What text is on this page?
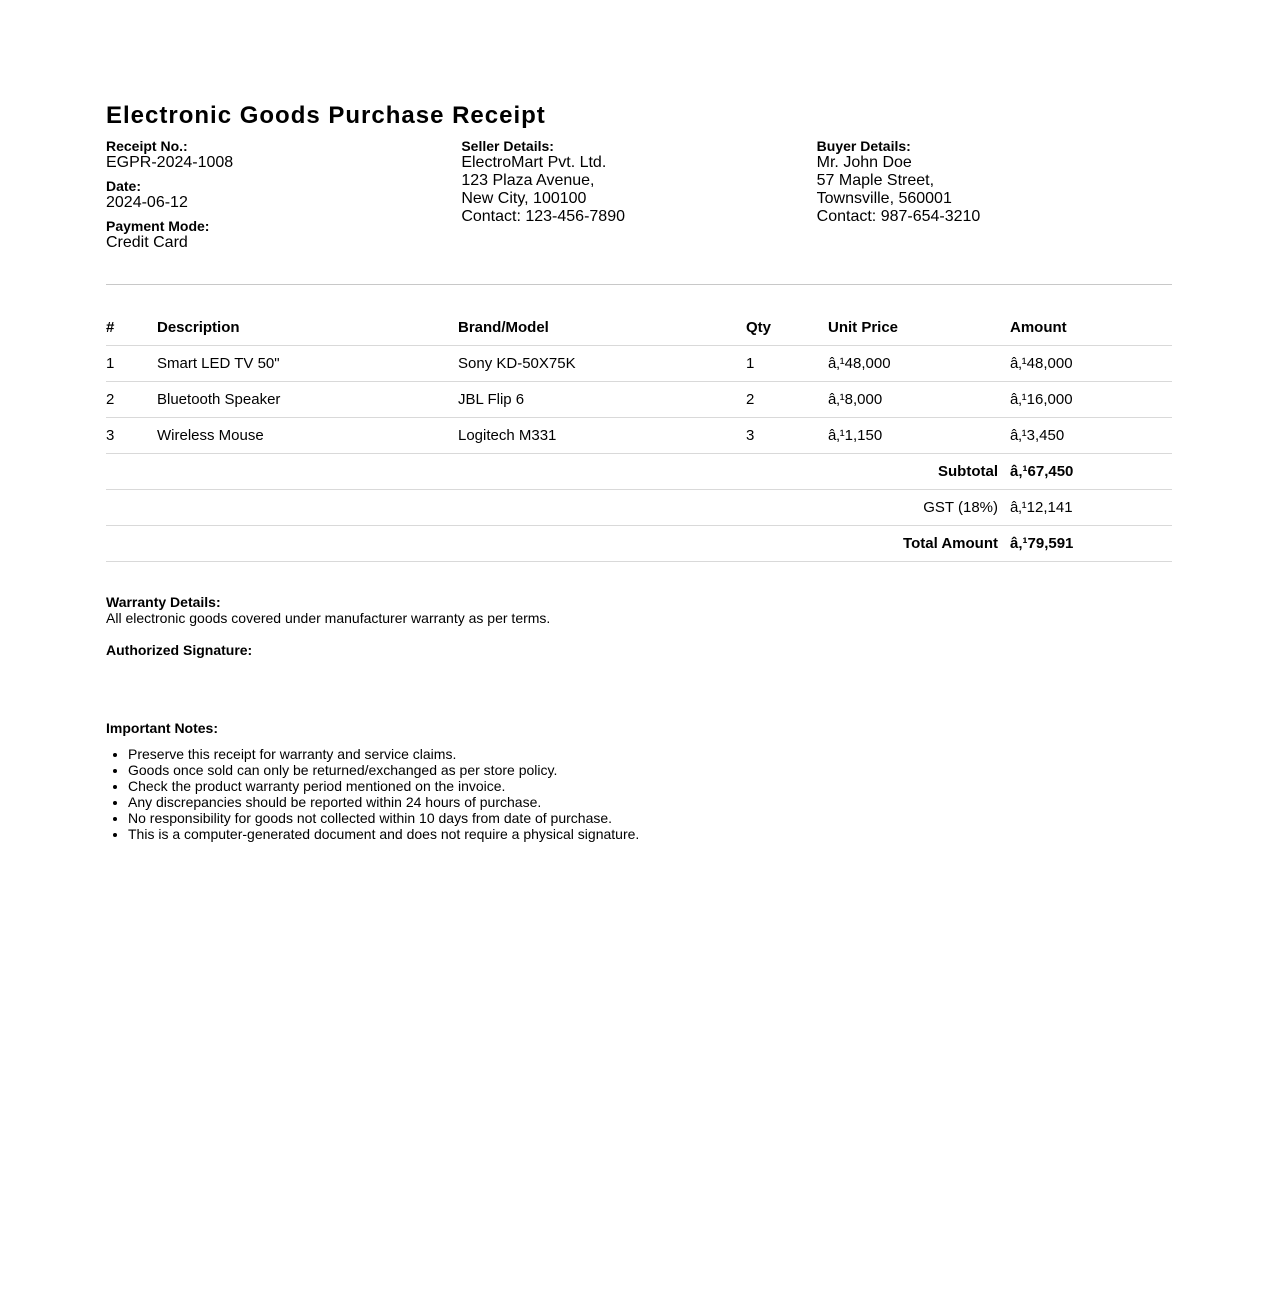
Electronic Goods Purchase Receipt
Receipt No.:
EGPR-2024-1008
Date:
2024-06-12
Payment Mode:
Credit Card
Seller Details:
ElectroMart Pvt. Ltd.
123 Plaza Avenue,
New City, 100100
Contact: 123-456-7890
Buyer Details:
Mr. John Doe
57 Maple Street,
Townsville, 560001
Contact: 987-654-3210
#	Description	Brand/Model	Qty	Unit Price	Amount
1	Smart LED TV 50"	Sony KD-50X75K	1	â‚¹48,000	â‚¹48,000
2	Bluetooth Speaker	JBL Flip 6	2	â‚¹8,000	â‚¹16,000
3	Wireless Mouse	Logitech M331	3	â‚¹1,150	â‚¹3,450
Subtotal					â‚¹67,450
GST (18%)					â‚¹12,141
Total Amount					â‚¹79,591
Warranty Details:
All electronic goods covered under manufacturer warranty as per terms.
Authorized Signature:
Important Notes:
• Preserve this receipt for warranty and service claims.
• Goods once sold can only be returned/exchanged as per store policy.
• Check the product warranty period mentioned on the invoice.
• Any discrepancies should be reported within 24 hours of purchase.
• No responsibility for goods not collected within 10 days from date of purchase.
• This is a computer-generated document and does not require a physical signature.
